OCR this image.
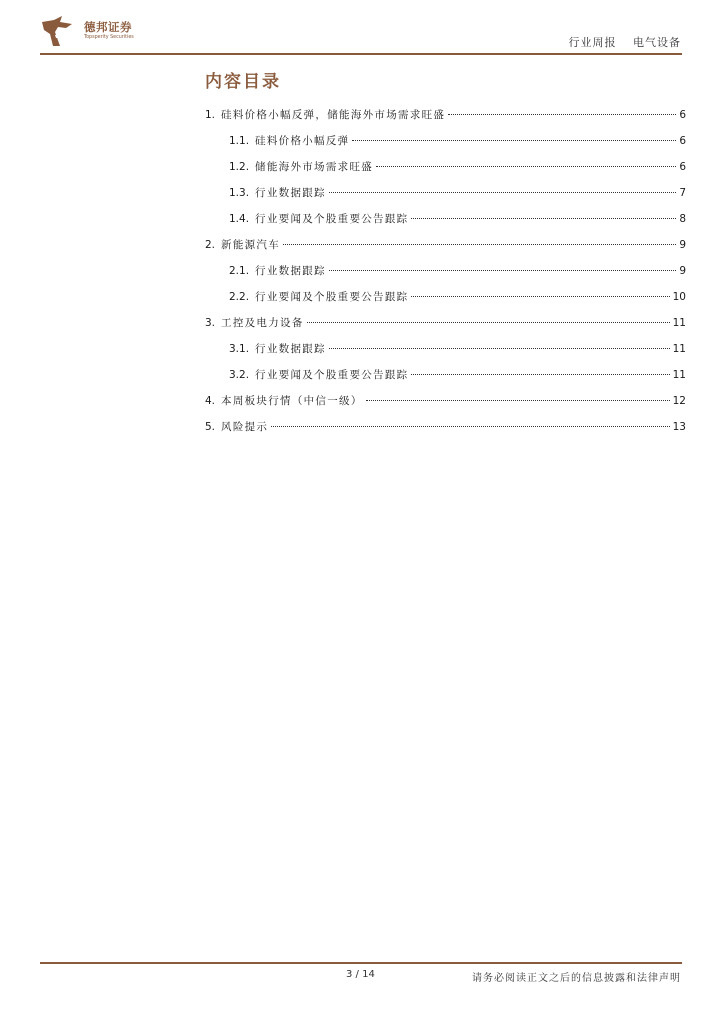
德邦证券
Topsperity Securities	行业周报 电气设备
内容目录
1. 硅料价格小幅反弹，储能海外市场需求旺盛	6
1.1. 硅料价格小幅反弹	6
1.2. 储能海外市场需求旺盛	6
1.3. 行业数据跟踪	7
1.4. 行业要闻及个股重要公告跟踪	8
2. 新能源汽车	9
2.1. 行业数据跟踪	9
2.2. 行业要闻及个股重要公告跟踪	10
3. 工控及电力设备	11
3.1. 行业数据跟踪	11
3.2. 行业要闻及个股重要公告跟踪	11
4. 本周板块行情（中信一级）	12
5. 风险提示	13
3 / 14	请务必阅读正文之后的信息披露和法律声明
